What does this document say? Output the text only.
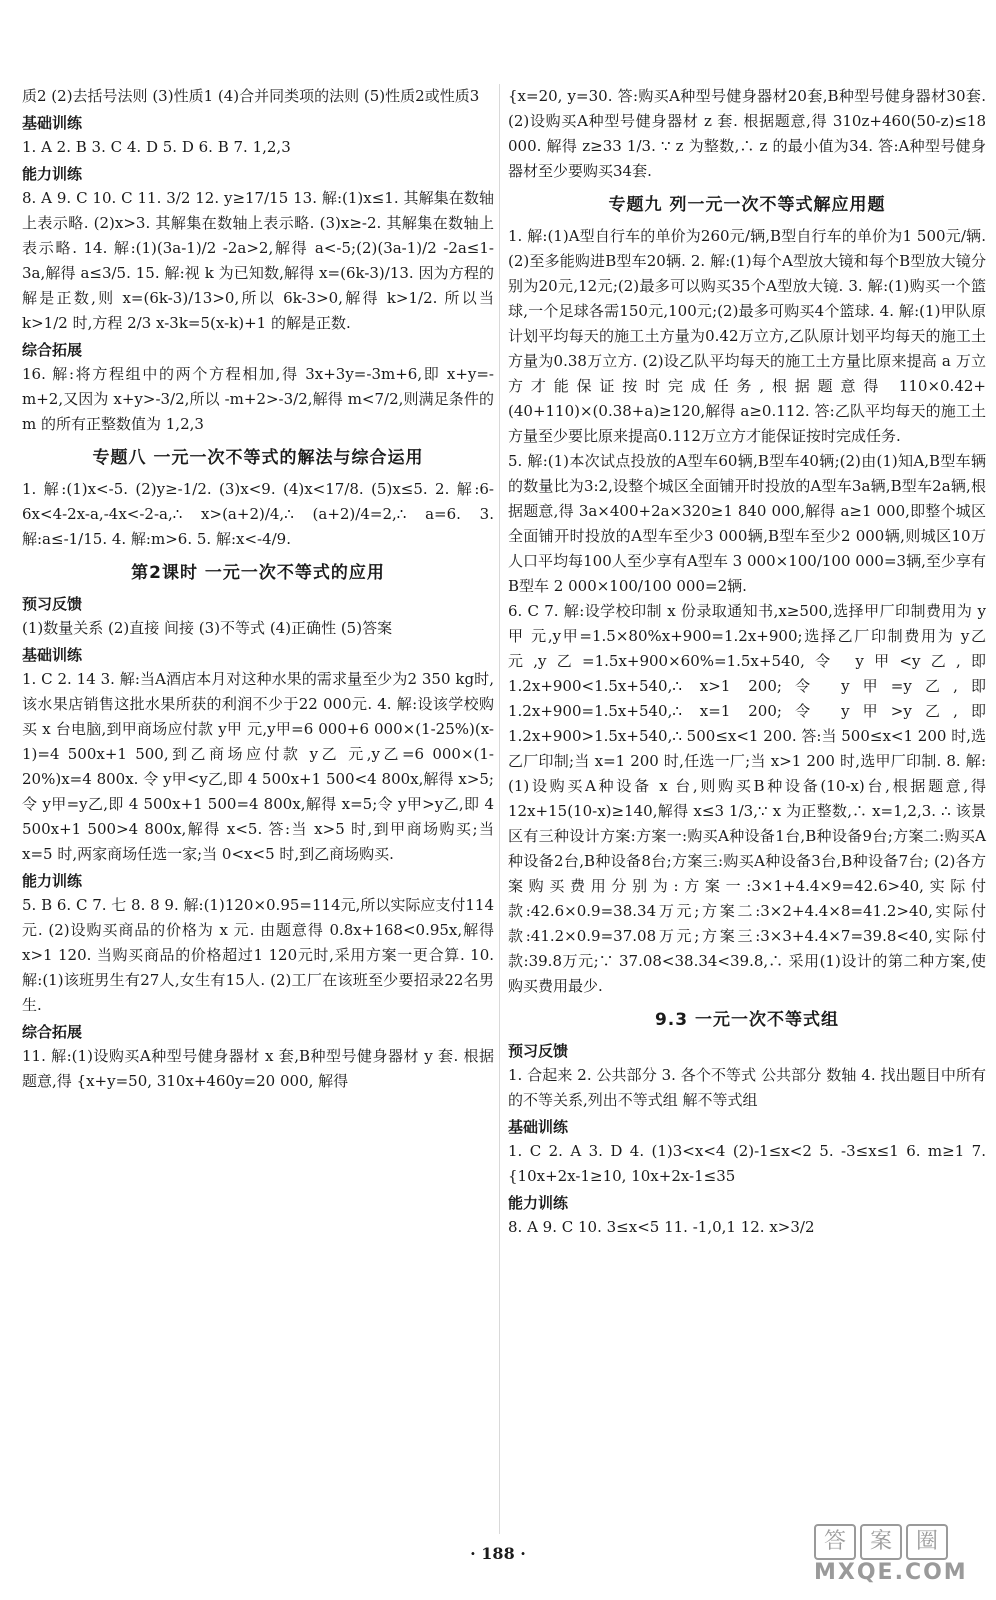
质2 (2)去括号法则 (3)性质1 (4)合并同类项的法则 (5)性质2或性质3
基础训练
1. A 2. B 3. C 4. D 5. D 6. B 7. 1,2,3
能力训练
8. A 9. C 10. C 11. 3/2 12. y≥17/15 13. 解:(1)x≤1. 其解集在数轴上表示略. (2)x>3. 其解集在数轴上表示略. (3)x≥-2. 其解集在数轴上表示略. 14. 解:(1)(3a-1)/2 -2a>2,解得 a<-5;(2)(3a-1)/2 -2a≤1-3a,解得 a≤3/5. 15. 解:视 k 为已知数,解得 x=(6k-3)/13. 因为方程的解是正数,则 x=(6k-3)/13>0,所以 6k-3>0,解得 k>1/2. 所以当 k>1/2 时,方程 2/3 x-3k=5(x-k)+1 的解是正数.
综合拓展
16. 解:将方程组中的两个方程相加,得 3x+3y=-3m+6,即 x+y=-m+2,又因为 x+y>-3/2,所以 -m+2>-3/2,解得 m<7/2,则满足条件的 m 的所有正整数值为 1,2,3
专题八 一元一次不等式的解法与综合运用
1. 解:(1)x<-5. (2)y≥-1/2. (3)x<9. (4)x<17/8. (5)x≤5. 2. 解:6-6x<4-2x-a,-4x<-2-a,∴ x>(a+2)/4,∴ (a+2)/4=2,∴ a=6. 3. 解:a≤-1/15. 4. 解:m>6. 5. 解:x<-4/9.
第2课时 一元一次不等式的应用
预习反馈
(1)数量关系 (2)直接 间接 (3)不等式 (4)正确性 (5)答案
基础训练
1. C 2. 14 3. 解:当A酒店本月对这种水果的需求量至少为2 350 kg时,该水果店销售这批水果所获的利润不少于22 000元. 4. 解:设该学校购买 x 台电脑,到甲商场应付款 y甲 元,y甲=6 000+6 000×(1-25%)(x-1)=4 500x+1 500,到乙商场应付款 y乙 元,y乙=6 000×(1-20%)x=4 800x. 令 y甲<y乙,即 4 500x+1 500<4 800x,解得 x>5;令 y甲=y乙,即 4 500x+1 500=4 800x,解得 x=5;令 y甲>y乙,即 4 500x+1 500>4 800x,解得 x<5. 答:当 x>5 时,到甲商场购买;当 x=5 时,两家商场任选一家;当 0<x<5 时,到乙商场购买.
能力训练
5. B 6. C 7. 七 8. 8 9. 解:(1)120×0.95=114元,所以实际应支付114元. (2)设购买商品的价格为 x 元. 由题意得 0.8x+168<0.95x,解得 x>1 120. 当购买商品的价格超过1 120元时,采用方案一更合算. 10. 解:(1)该班男生有27人,女生有15人. (2)工厂在该班至少要招录22名男生.
综合拓展
11. 解:(1)设购买A种型号健身器材 x 套,B种型号健身器材 y 套. 根据题意,得 {x+y=50, 310x+460y=20 000, 解得
{x=20, y=30. 答:购买A种型号健身器材20套,B种型号健身器材30套. (2)设购买A种型号健身器材 z 套. 根据题意,得 310z+460(50-z)≤18 000. 解得 z≥33 1/3. ∵ z 为整数,∴ z 的最小值为34. 答:A种型号健身器材至少要购买34套.
专题九 列一元一次不等式解应用题
1. 解:(1)A型自行车的单价为260元/辆,B型自行车的单价为1 500元/辆. (2)至多能购进B型车20辆. 2. 解:(1)每个A型放大镜和每个B型放大镜分别为20元,12元;(2)最多可以购买35个A型放大镜. 3. 解:(1)购买一个篮球,一个足球各需150元,100元;(2)最多可购买4个篮球. 4. 解:(1)甲队原计划平均每天的施工土方量为0.42万立方,乙队原计划平均每天的施工土方量为0.38万立方. (2)设乙队平均每天的施工土方量比原来提高 a 万立方才能保证按时完成任务,根据题意得 110×0.42+(40+110)×(0.38+a)≥120,解得 a≥0.112. 答:乙队平均每天的施工土方量至少要比原来提高0.112万立方才能保证按时完成任务.
5. 解:(1)本次试点投放的A型车60辆,B型车40辆;(2)由(1)知A,B型车辆的数量比为3:2,设整个城区全面铺开时投放的A型车3a辆,B型车2a辆,根据题意,得 3a×400+2a×320≥1 840 000,解得 a≥1 000,即整个城区全面铺开时投放的A型车至少3 000辆,B型车至少2 000辆,则城区10万人口平均每100人至少享有A型车 3 000×100/100 000=3辆,至少享有B型车 2 000×100/100 000=2辆.
6. C 7. 解:设学校印制 x 份录取通知书,x≥500,选择甲厂印制费用为 y甲 元,y甲=1.5×80%x+900=1.2x+900;选择乙厂印制费用为 y乙 元,y乙=1.5x+900×60%=1.5x+540,令 y甲<y乙,即 1.2x+900<1.5x+540,∴ x>1 200;令 y甲=y乙,即 1.2x+900=1.5x+540,∴ x=1 200;令 y甲>y乙,即 1.2x+900>1.5x+540,∴ 500≤x<1 200. 答:当 500≤x<1 200 时,选乙厂印制;当 x=1 200 时,任选一厂;当 x>1 200 时,选甲厂印制. 8. 解:(1)设购买A种设备 x 台,则购买B种设备(10-x)台,根据题意,得 12x+15(10-x)≥140,解得 x≤3 1/3,∵ x 为正整数,∴ x=1,2,3. ∴ 该景区有三种设计方案:方案一:购买A种设备1台,B种设备9台;方案二:购买A种设备2台,B种设备8台;方案三:购买A种设备3台,B种设备7台; (2)各方案购买费用分别为:方案一:3×1+4.4×9=42.6>40,实际付款:42.6×0.9=38.34万元;方案二:3×2+4.4×8=41.2>40,实际付款:41.2×0.9=37.08万元;方案三:3×3+4.4×7=39.8<40,实际付款:39.8万元;∵ 37.08<38.34<39.8,∴ 采用(1)设计的第二种方案,使购买费用最少.
9.3 一元一次不等式组
预习反馈
1. 合起来 2. 公共部分 3. 各个不等式 公共部分 数轴 4. 找出题目中所有的不等关系,列出不等式组 解不等式组
基础训练
1. C 2. A 3. D 4. (1)3<x<4 (2)-1≤x<2 5. -3≤x≤1 6. m≥1 7. {10x+2x-1≥10, 10x+2x-1≤35
能力训练
8. A 9. C 10. 3≤x<5 11. -1,0,1 12. x>3/2
· 188 ·	答	案	圈
MXQE.COM
